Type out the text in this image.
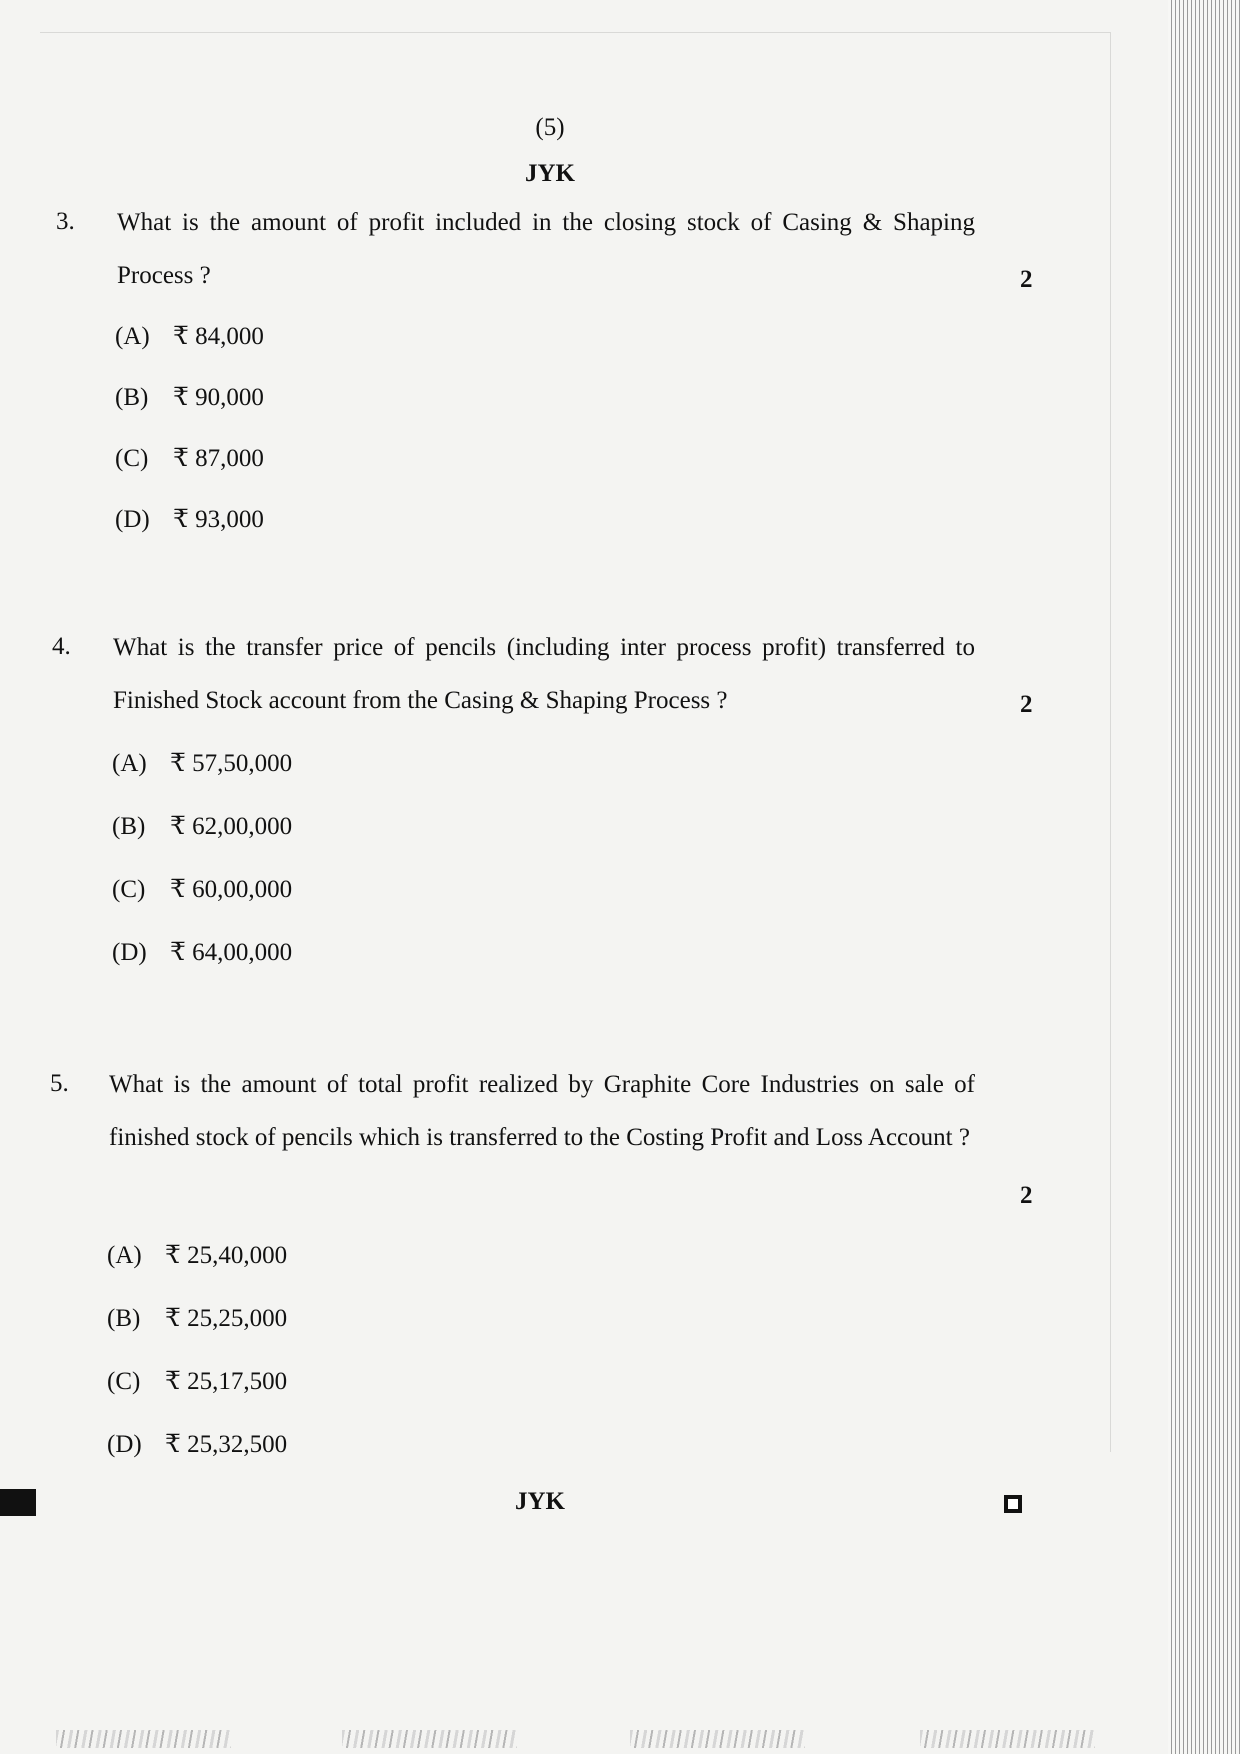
(5)
JYK
3. What is the amount of profit included in the closing stock of Casing & Shaping Process ?	2
(A) ₹ 84,000
(B) ₹ 90,000
(C) ₹ 87,000
(D) ₹ 93,000
4. What is the transfer price of pencils (including inter process profit) transferred to Finished Stock account from the Casing & Shaping Process ?	2
(A) ₹ 57,50,000
(B) ₹ 62,00,000
(C) ₹ 60,00,000
(D) ₹ 64,00,000
5. What is the amount of total profit realized by Graphite Core Industries on sale of finished stock of pencils which is transferred to the Costing Profit and Loss Account ?
2
(A) ₹ 25,40,000
(B) ₹ 25,25,000
(C) ₹ 25,17,500
(D) ₹ 25,32,500
JYK
